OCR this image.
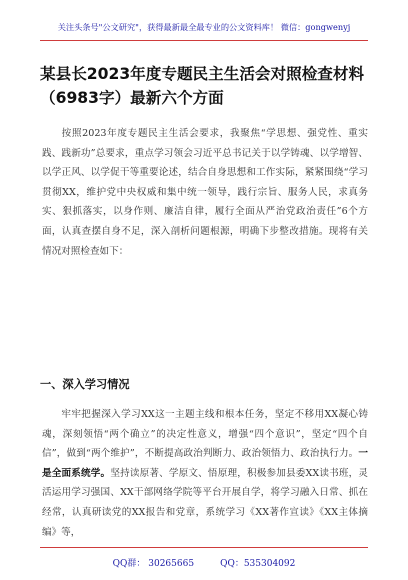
关注头条号"公文研究"，获得最新最全最专业的公文资料库！ 微信：gongwenyj
某县长2023年度专题民主生活会对照检查材料（6983字）最新六个方面

按照2023年度专题民主生活会要求，我聚焦“学思想、强党性、重实践、践新功”总要求，重点学习领会习近平总书记关于以学铸魂、以学增智、以学正风、以学促干等重要论述，结合自身思想和工作实际，紧紧围绕“学习贯彻XX，维护党中央权威和集中统一领导，践行宗旨、服务人民，求真务实、狠抓落实，以身作则、廉洁自律，履行全面从严治党政治责任”6个方面，认真查摆自身不足，深入剖析问题根源，明确下步整改措施。现将有关情况对照检查如下：

一、深入学习情况

牢牢把握深入学习XX这一主题主线和根本任务，坚定不移用XX凝心铸魂，深刻领悟“两个确立”的决定性意义，增强“四个意识”，坚定“四个自信”，做到“两个维护”，不断提高政治判断力、政治领悟力、政治执行力。一是全面系统学。坚持读原著、学原文、悟原理，积极参加县委XX读书班，灵活运用学习强国、XX干部网络学院等平台开展自学，将学习融入日常、抓在经常，认真研读党的XX报告和党章，系统学习《XX著作宣读》《XX主体摘编》等，

QQ群： 30265665	QQ：535304092
